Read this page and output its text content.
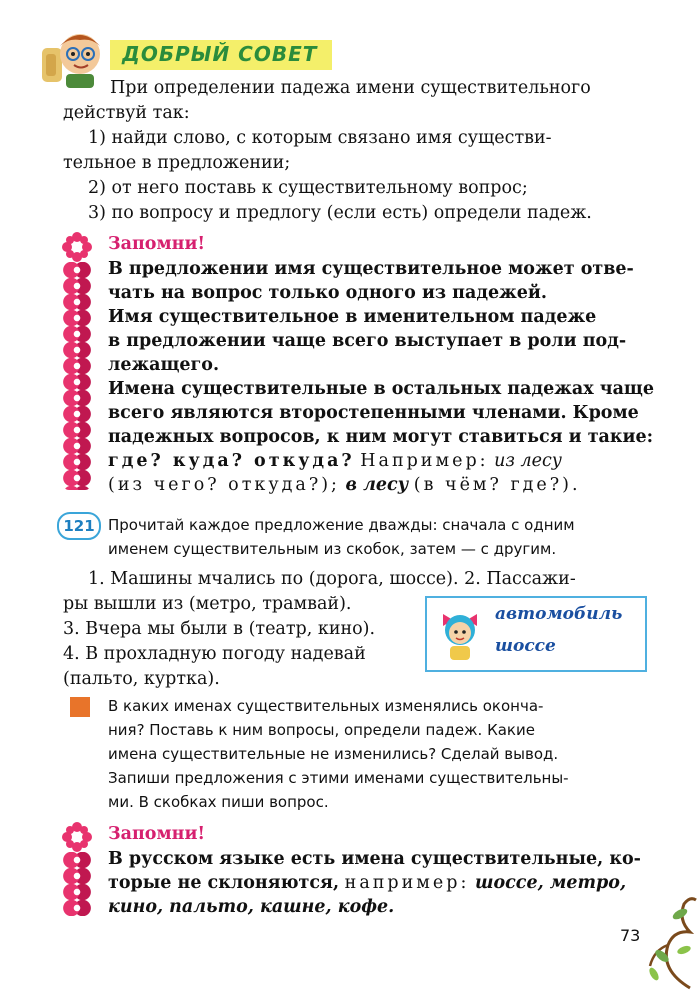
ДОБРЫЙ СОВЕТ
При определении падежа имени существительного
действуй так:
1) найди слово, с которым связано имя существи-
тельное в предложении;
2) от него поставь к существительному вопрос;
3) по вопросу и предлогу (если есть) определи падеж.
Запомни!
В предложении имя существительное может отве-
чать на вопрос только одного из падежей.
Имя существительное в именительном падеже
в предложении чаще всего выступает в роли под-
лежащего.
Имена существительные в остальных падежах чаще
всего являются второстепенными членами. Кроме
падежных вопросов, к ним могут ставиться и такие:
где? куда? откуда? Например: из лесу
(из чего? откуда?); в лесу (в чём? где?).
121 Прочитай каждое предложение дважды: сначала с одним
именем существительным из скобок, затем — с другим.
1. Машины мчались по (дорога, шоссе). 2. Пассажи-
ры вышли из (метро, трамвай).
3. Вчера мы были в (театр, кино).
4. В прохладную погоду надевай
(пальто, куртка).
автомобиль
шоссе
В каких именах существительных изменялись оконча-
ния? Поставь к ним вопросы, определи падеж. Какие
имена существительные не изменились? Сделай вывод.
Запиши предложения с этими именами существительны-
ми. В скобках пиши вопрос.
Запомни!
В русском языке есть имена существительные, ко-
торые не склоняются, например: шоссе, метро,
кино, пальто, кашне, кофе.
73
